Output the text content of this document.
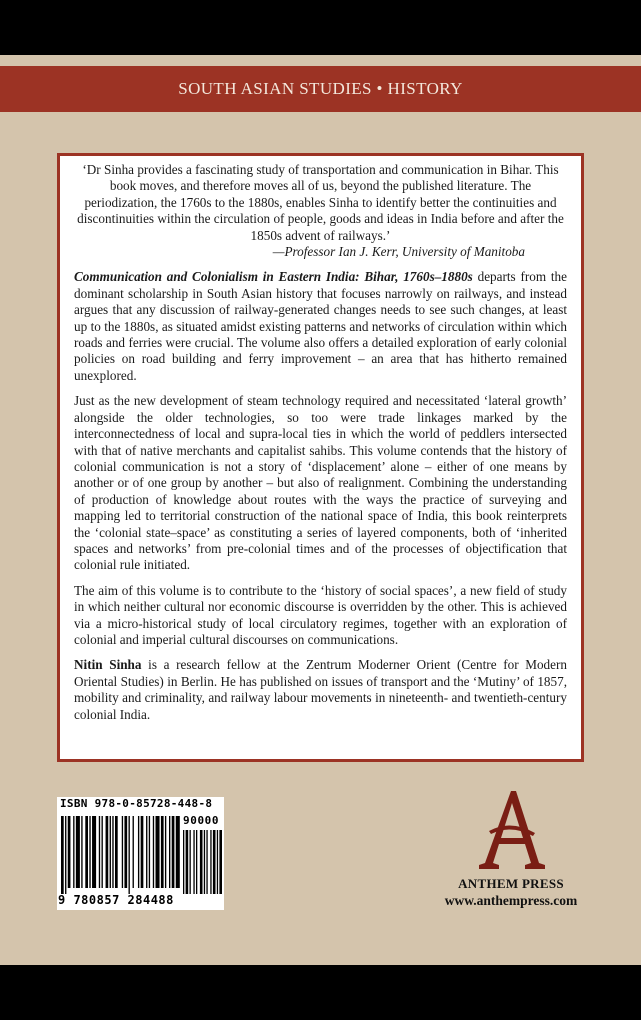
SOUTH ASIAN STUDIES • HISTORY

‘Dr Sinha provides a fascinating study of transportation and communication in Bihar. This book moves, and therefore moves all of us, beyond the published literature. The periodization, the 1760s to the 1880s, enables Sinha to identify better the continuities and discontinuities within the circulation of people, goods and ideas in India before and after the 1850s advent of railways.’
—Professor Ian J. Kerr, University of Manitoba

Communication and Colonialism in Eastern India: Bihar, 1760s–1880s departs from the dominant scholarship in South Asian history that focuses narrowly on railways, and instead argues that any discussion of railway-generated changes needs to see such changes, at least up to the 1880s, as situated amidst existing patterns and networks of circulation within which roads and ferries were crucial. The volume also offers a detailed exploration of early colonial policies on road building and ferry improvement – an area that has hitherto remained unexplored.

Just as the new development of steam technology required and necessitated ‘lateral growth’ alongside the older technologies, so too were trade linkages marked by the interconnectedness of local and supra-local ties in which the world of peddlers intersected with that of native merchants and capitalist sahibs. This volume contends that the history of colonial communication is not a story of ‘displacement’ alone – either of one means by another or of one group by another – but also of realignment. Combining the understanding of production of knowledge about routes with the ways the practice of surveying and mapping led to territorial construction of the national space of India, this book reinterprets the ‘colonial state–space’ as constituting a series of layered components, both of ‘inherited spaces and networks’ from pre-colonial times and of the processes of objectification that colonial rule initiated.

The aim of this volume is to contribute to the ‘history of social spaces’, a new field of study in which neither cultural nor economic discourse is overridden by the other. This is achieved via a micro-historical study of local circulatory regimes, together with an exploration of colonial and imperial cultural discourses on communications.

Nitin Sinha is a research fellow at the Zentrum Moderner Orient (Centre for Modern Oriental Studies) in Berlin. He has published on issues of transport and the ‘Mutiny’ of 1857, mobility and criminality, and railway labour movements in nineteenth- and twentieth-century colonial India.

ISBN 978-0-85728-448-8
90000
9 780857 284488
ANTHEM PRESS
www.anthempress.com
